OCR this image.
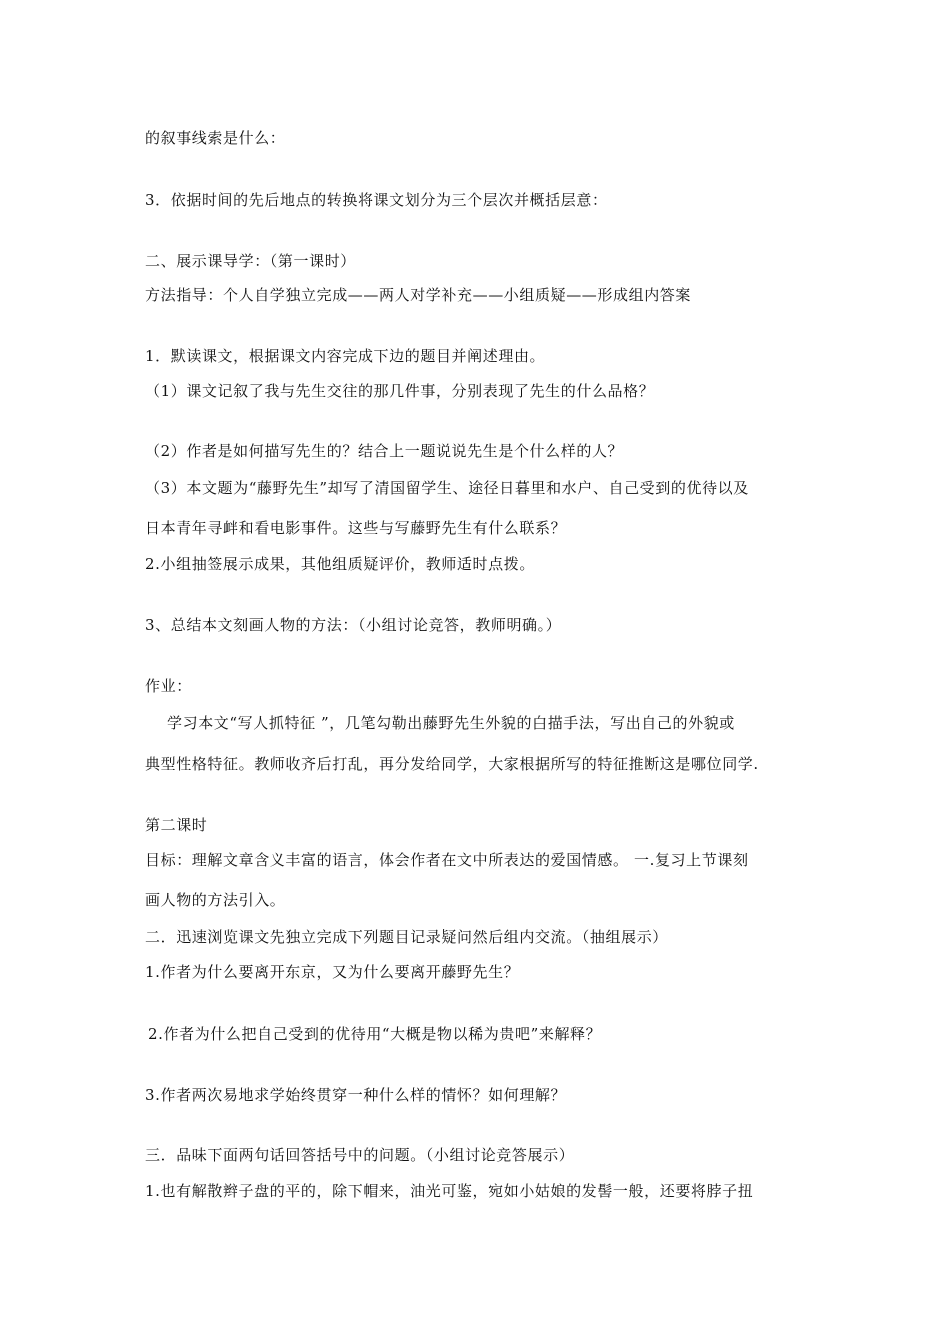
的叙事线索是什么：
3．依据时间的先后地点的转换将课文划分为三个层次并概括层意：
二、展示课导学：（第一课时）
方法指导：个人自学独立完成——两人对学补充——小组质疑——形成组内答案
1．默读课文，根据课文内容完成下边的题目并阐述理由。
（1）课文记叙了我与先生交往的那几件事，分别表现了先生的什么品格？
（2）作者是如何描写先生的？结合上一题说说先生是个什么样的人？
（3）本文题为“藤野先生”却写了清国留学生、途径日暮里和水户、自己受到的优待以及
日本青年寻衅和看电影事件。这些与写藤野先生有什么联系？
2.小组抽签展示成果，其他组质疑评价，教师适时点拨。
3、总结本文刻画人物的方法：（小组讨论竞答，教师明确。）
作业：
学习本文“写人抓特征 ”，几笔勾勒出藤野先生外貌的白描手法，写出自己的外貌或
典型性格特征。教师收齐后打乱，再分发给同学，大家根据所写的特征推断这是哪位同学.
第二课时
目标：理解文章含义丰富的语言，体会作者在文中所表达的爱国情感。 一.复习上节课刻
画人物的方法引入。
二．迅速浏览课文先独立完成下列题目记录疑问然后组内交流。（抽组展示）
1.作者为什么要离开东京，又为什么要离开藤野先生？
2.作者为什么把自己受到的优待用“大概是物以稀为贵吧”来解释？
3.作者两次易地求学始终贯穿一种什么样的情怀？如何理解？
三．品味下面两句话回答括号中的问题。（小组讨论竞答展示）
1.也有解散辫子盘的平的，除下帽来，油光可鉴，宛如小姑娘的发髻一般，还要将脖子扭
